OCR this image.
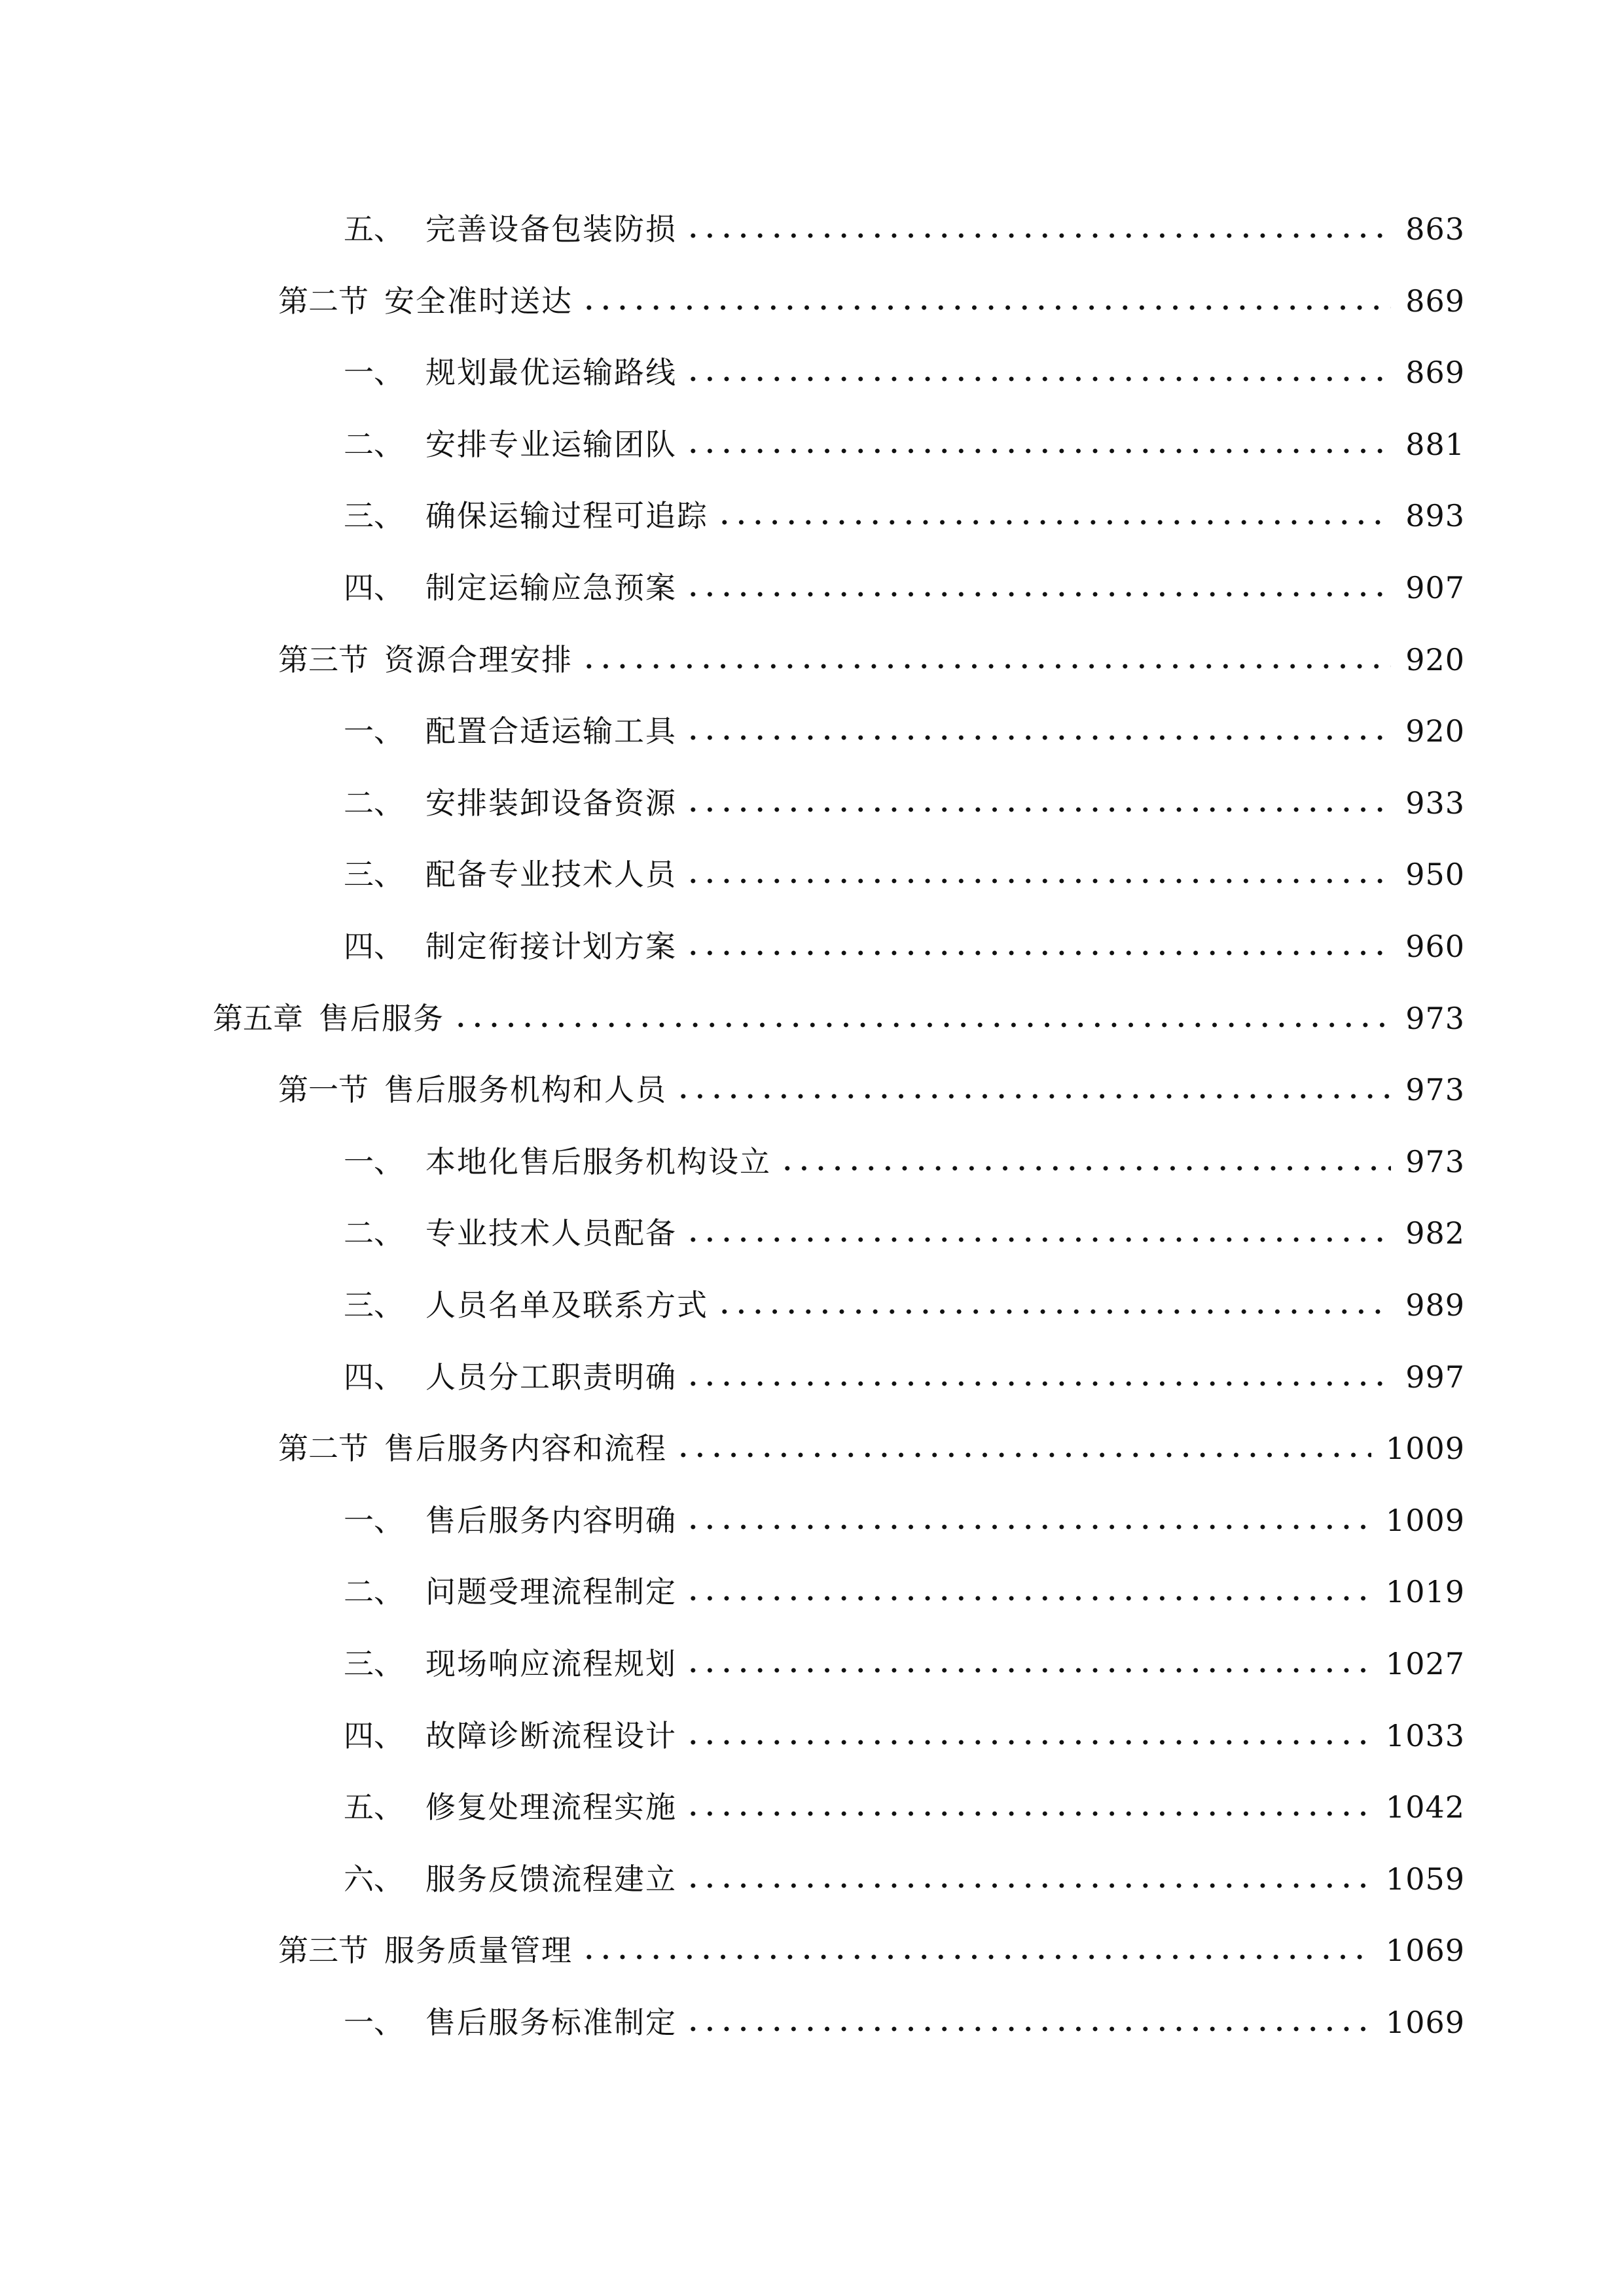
五、 完善设备包装防损	863
第二节 安全准时送达	869
一、 规划最优运输路线	869
二、 安排专业运输团队	881
三、 确保运输过程可追踪	893
四、 制定运输应急预案	907
第三节 资源合理安排	920
一、 配置合适运输工具	920
二、 安排装卸设备资源	933
三、 配备专业技术人员	950
四、 制定衔接计划方案	960
第五章 售后服务	973
第一节 售后服务机构和人员	973
一、 本地化售后服务机构设立	973
二、 专业技术人员配备	982
三、 人员名单及联系方式	989
四、 人员分工职责明确	997
第二节 售后服务内容和流程	1009
一、 售后服务内容明确	1009
二、 问题受理流程制定	1019
三、 现场响应流程规划	1027
四、 故障诊断流程设计	1033
五、 修复处理流程实施	1042
六、 服务反馈流程建立	1059
第三节 服务质量管理	1069
一、 售后服务标准制定	1069
